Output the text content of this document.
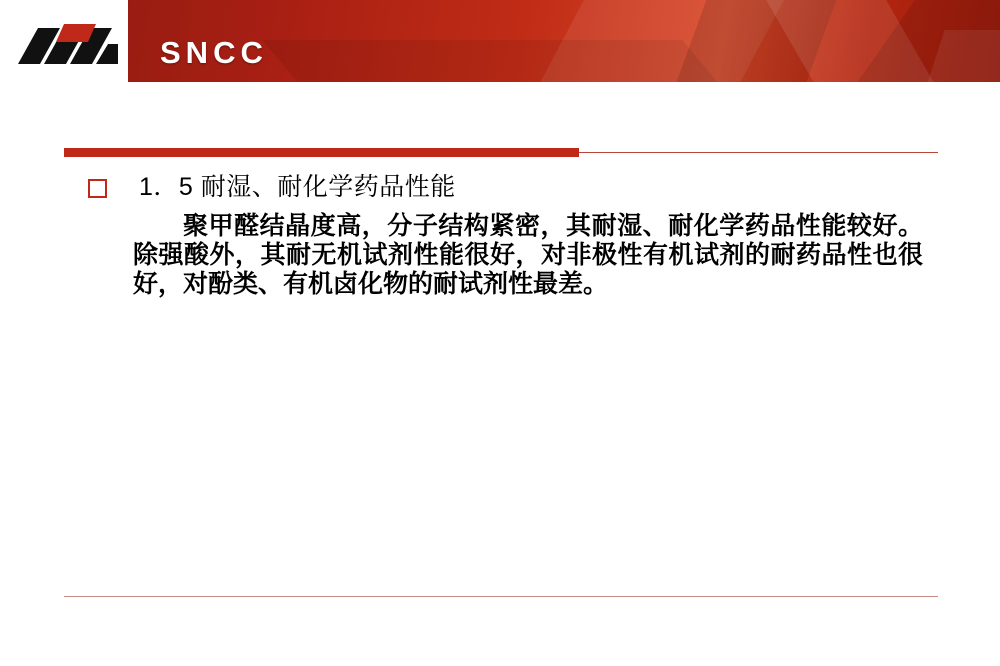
SNCC
1．5 耐湿、耐化学药品性能
聚甲醛结晶度高，分子结构紧密，其耐湿、耐化学药品性能较好。除强酸外，其耐无机试剂性能很好，对非极性有机试剂的耐药品性也很好，对酚类、有机卤化物的耐试剂性最差。
